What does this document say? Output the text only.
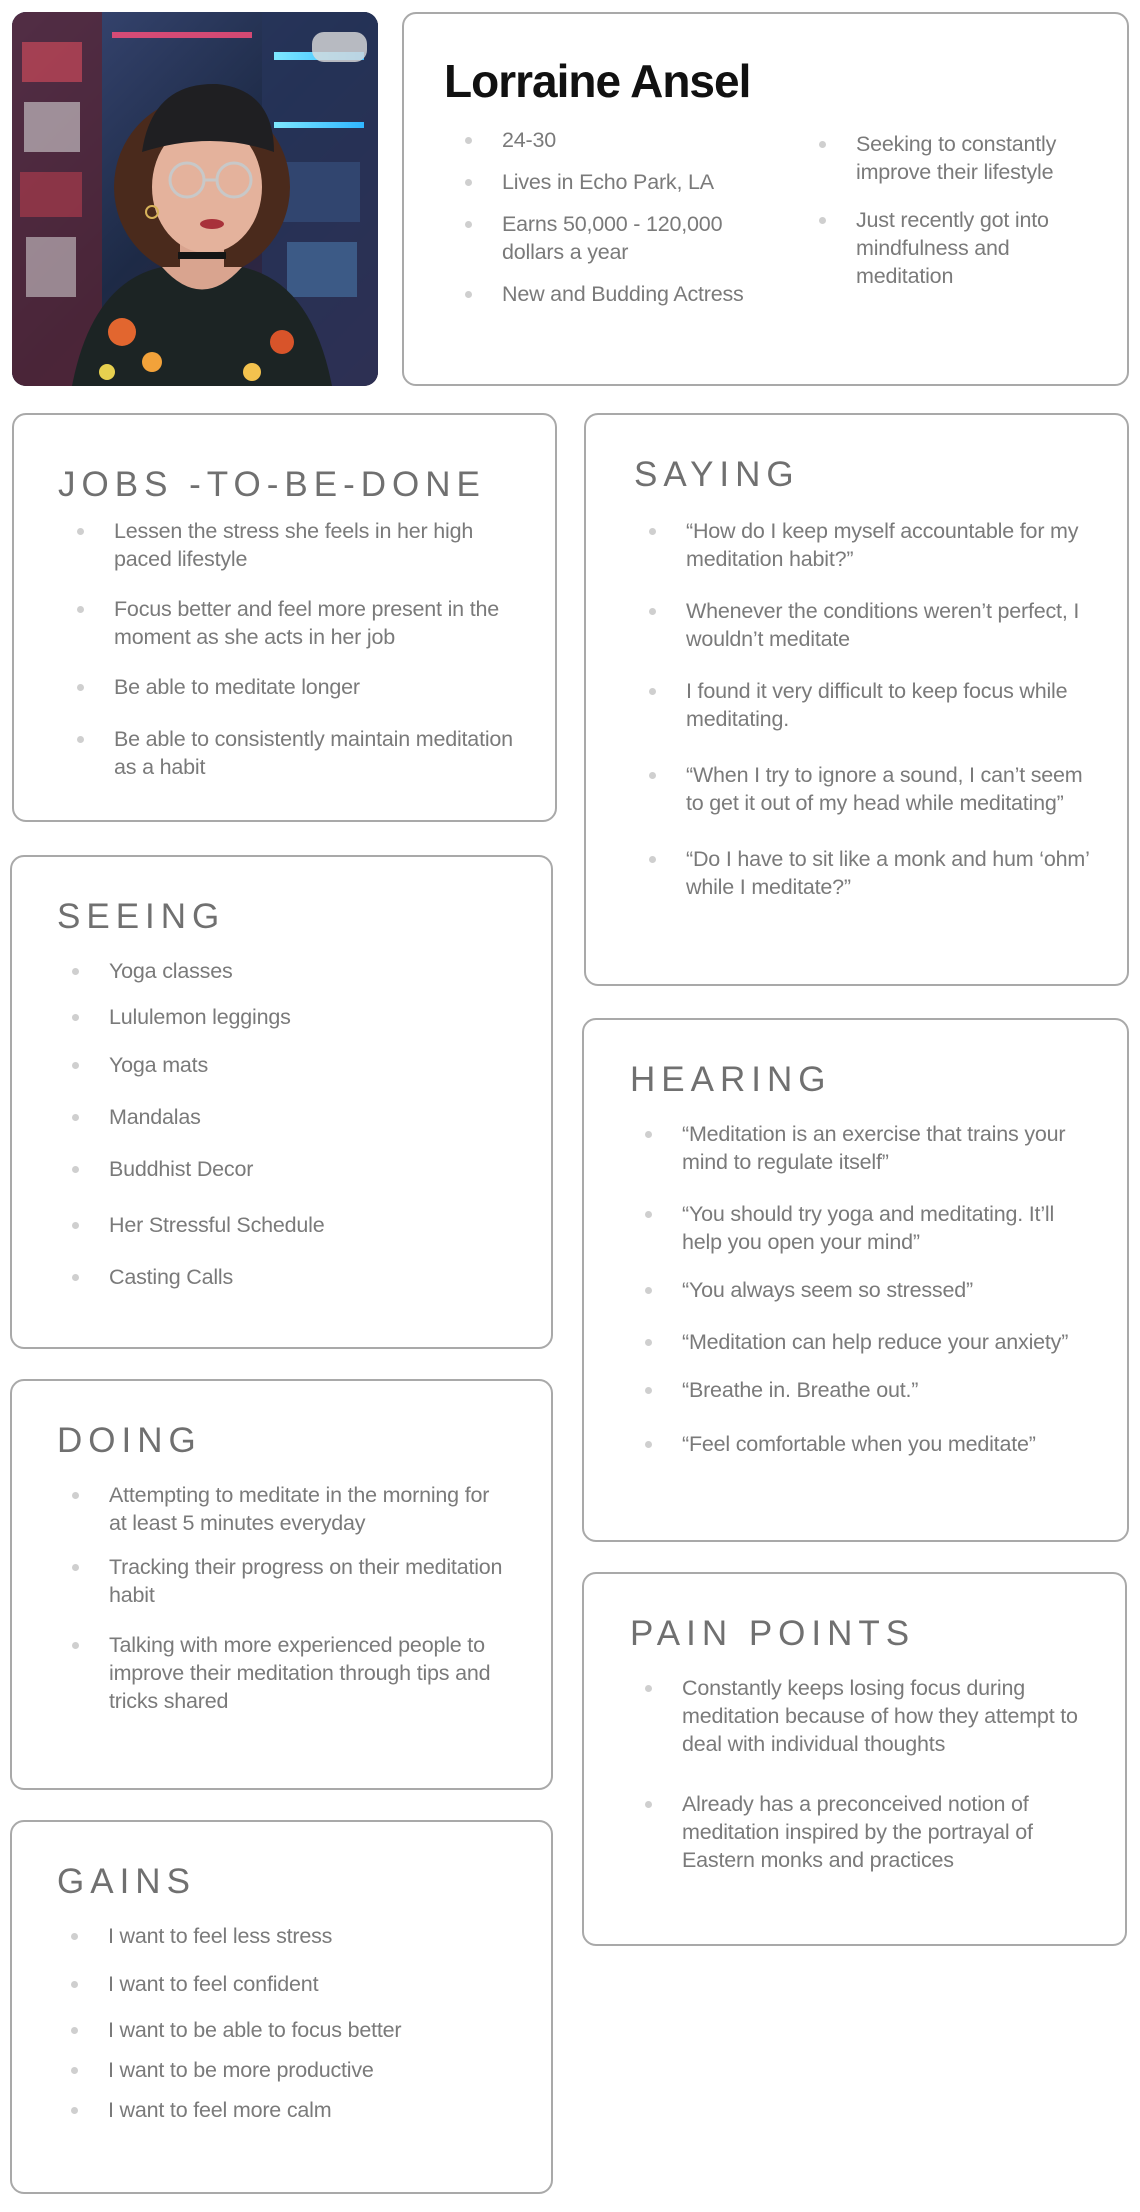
Lorraine Ansel
24-30
Lives in Echo Park, LA
Earns 50,000 - 120,000 dollars a year
New and Budding Actress
Seeking to constantly improve their lifestyle
Just recently got into mindfulness and meditation
JOBS -TO-BE-DONE
Lessen the stress she feels in her high paced lifestyle
Focus better and feel more present in the moment as she acts in her job
Be able to meditate longer
Be able to consistently maintain meditation as a habit
SAYING
“How do I keep myself accountable for my meditation habit?”
Whenever the conditions weren’t perfect, I wouldn’t meditate
I found it very difficult to keep focus while meditating.
“When I try to ignore a sound, I can’t seem to get it out of my head while meditating”
“Do I have to sit like a monk and hum ‘ohm’ while I meditate?”
SEEING
Yoga classes
Lululemon leggings
Yoga mats
Mandalas
Buddhist Decor
Her Stressful Schedule
Casting Calls
HEARING
“Meditation is an exercise that trains your mind to regulate itself”
“You should try yoga and meditating. It’ll help you open your mind”
“You always seem so stressed”
“Meditation can help reduce your anxiety”
“Breathe in. Breathe out.”
“Feel comfortable when you meditate”
DOING
Attempting to meditate in the morning for at least 5 minutes everyday
Tracking their progress on their meditation habit
Talking with more experienced people to improve their meditation through tips and tricks shared
PAIN POINTS
Constantly keeps losing focus during meditation because of how they attempt to deal with individual thoughts
Already has a preconceived notion of meditation inspired by the portrayal of Eastern monks and practices
GAINS
I want to feel less stress
I want to feel confident
I want to be able to focus better
I want to be more productive
I want to feel more calm
